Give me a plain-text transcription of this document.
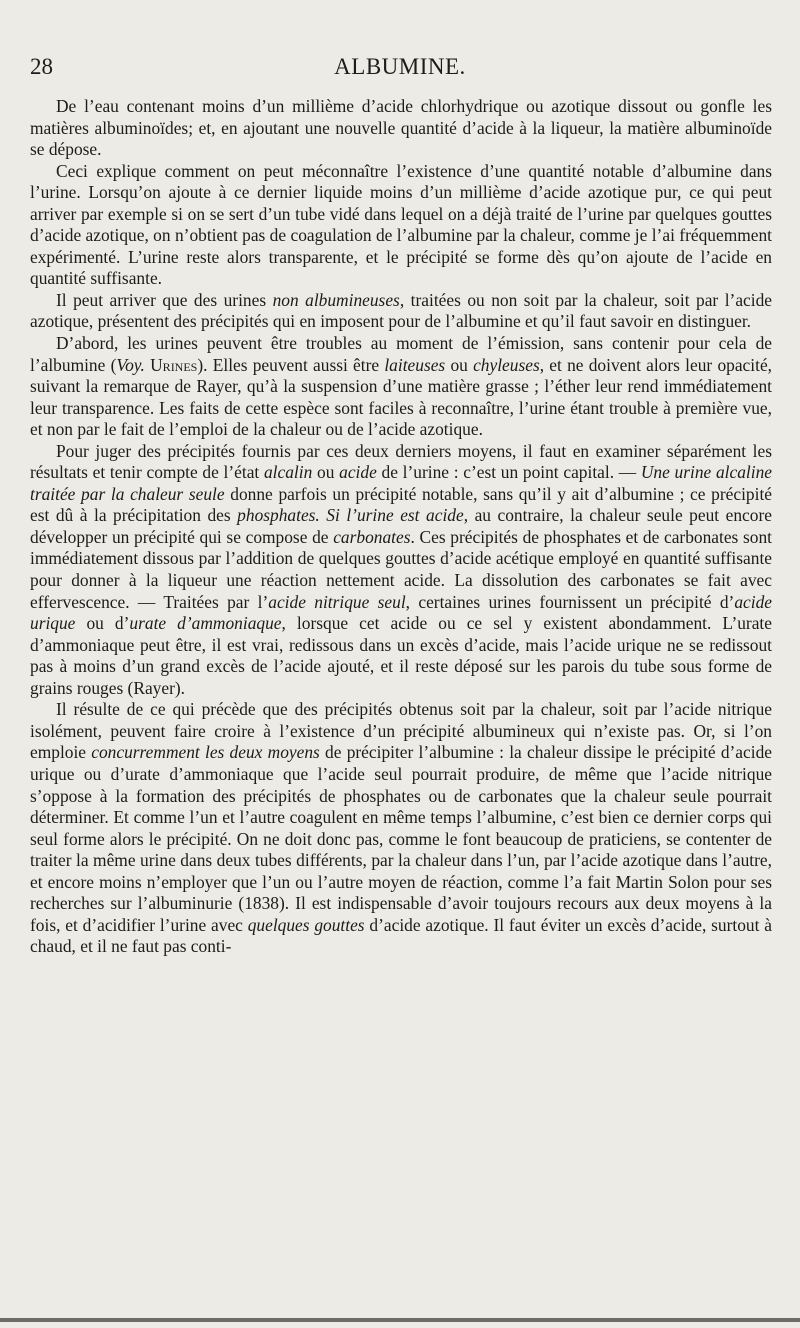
28	ALBUMINE.

De l’eau contenant moins d’un millième d’acide chlorhydrique ou azotique dissout ou gonfle les matières albuminoïdes; et, en ajoutant une nouvelle quantité d’acide à la liqueur, la matière albuminoïde se dépose.

Ceci explique comment on peut méconnaître l’existence d’une quantité notable d’albumine dans l’urine. Lorsqu’on ajoute à ce dernier liquide moins d’un millième d’acide azotique pur, ce qui peut arriver par exemple si on se sert d’un tube vidé dans lequel on a déjà traité de l’urine par quelques gouttes d’acide azotique, on n’obtient pas de coagulation de l’albumine par la chaleur, comme je l’ai fréquemment expérimenté. L’urine reste alors transparente, et le précipité se forme dès qu’on ajoute de l’acide en quantité suffisante.

Il peut arriver que des urines non albumineuses, traitées ou non soit par la chaleur, soit par l’acide azotique, présentent des précipités qui en imposent pour de l’albumine et qu’il faut savoir en distinguer.

D’abord, les urines peuvent être troubles au moment de l’émission, sans contenir pour cela de l’albumine (Voy. Urines). Elles peuvent aussi être laiteuses ou chyleuses, et ne doivent alors leur opacité, suivant la remarque de Rayer, qu’à la suspension d’une matière grasse ; l’éther leur rend immédiatement leur transparence. Les faits de cette espèce sont faciles à reconnaître, l’urine étant trouble à première vue, et non par le fait de l’emploi de la chaleur ou de l’acide azotique.

Pour juger des précipités fournis par ces deux derniers moyens, il faut en examiner séparément les résultats et tenir compte de l’état alcalin ou acide de l’urine : c’est un point capital. — Une urine alcaline traitée par la chaleur seule donne parfois un précipité notable, sans qu’il y ait d’albumine ; ce précipité est dû à la précipitation des phosphates. Si l’urine est acide, au contraire, la chaleur seule peut encore développer un précipité qui se compose de carbonates. Ces précipités de phosphates et de carbonates sont immédiatement dissous par l’addition de quelques gouttes d’acide acétique employé en quantité suffisante pour donner à la liqueur une réaction nettement acide. La dissolution des carbonates se fait avec effervescence. — Traitées par l’acide nitrique seul, certaines urines fournissent un précipité d’acide urique ou d’urate d’ammoniaque, lorsque cet acide ou ce sel y existent abondamment. L’urate d’ammoniaque peut être, il est vrai, redissous dans un excès d’acide, mais l’acide urique ne se redissout pas à moins d’un grand excès de l’acide ajouté, et il reste déposé sur les parois du tube sous forme de grains rouges (Rayer).

Il résulte de ce qui précède que des précipités obtenus soit par la chaleur, soit par l’acide nitrique isolément, peuvent faire croire à l’existence d’un précipité albumineux qui n’existe pas. Or, si l’on emploie concurremment les deux moyens de précipiter l’albumine : la chaleur dissipe le précipité d’acide urique ou d’urate d’ammoniaque que l’acide seul pourrait produire, de même que l’acide nitrique s’oppose à la formation des précipités de phosphates ou de carbonates que la chaleur seule pourrait déterminer. Et comme l’un et l’autre coagulent en même temps l’albumine, c’est bien ce dernier corps qui seul forme alors le précipité. On ne doit donc pas, comme le font beaucoup de praticiens, se contenter de traiter la même urine dans deux tubes différents, par la chaleur dans l’un, par l’acide azotique dans l’autre, et encore moins n’employer que l’un ou l’autre moyen de réaction, comme l’a fait Martin Solon pour ses recherches sur l’albuminurie (1838). Il est indispensable d’avoir toujours recours aux deux moyens à la fois, et d’acidifier l’urine avec quelques gouttes d’acide azotique. Il faut éviter un excès d’acide, surtout à chaud, et il ne faut pas conti-
